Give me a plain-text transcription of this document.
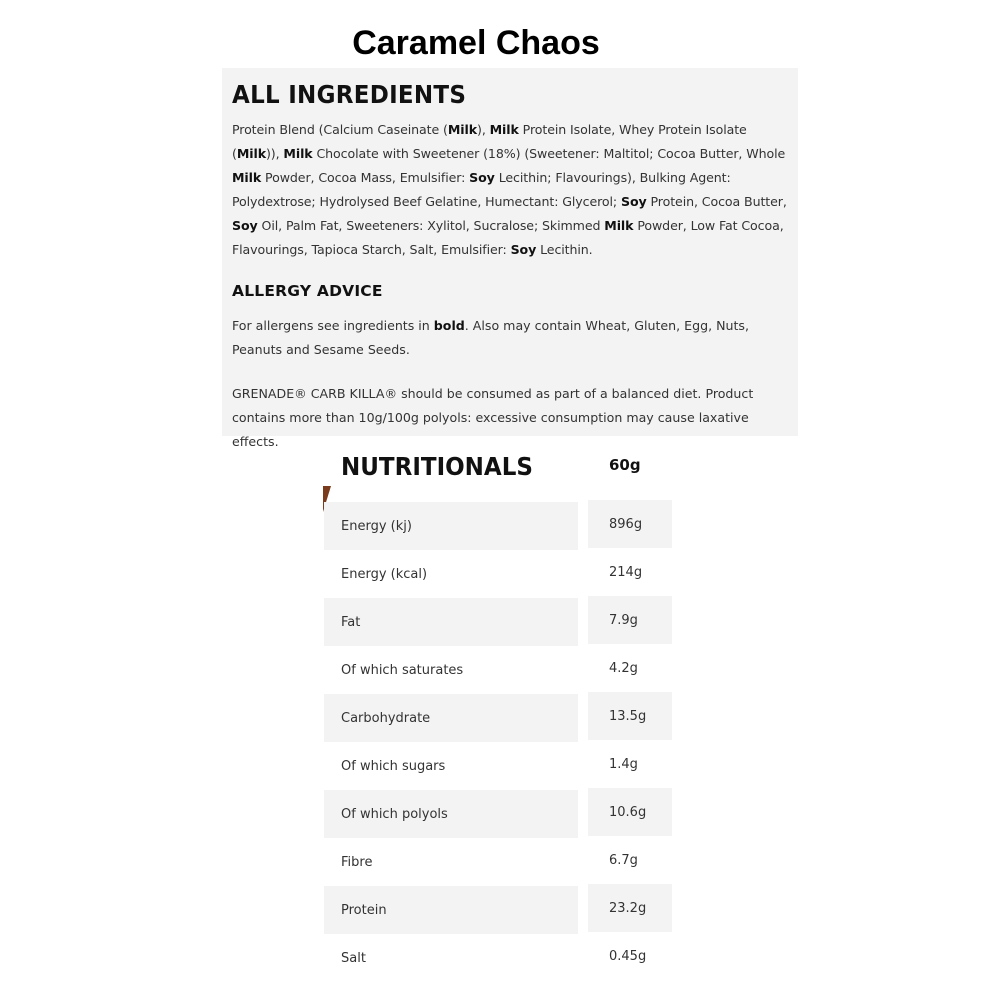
Caramel Chaos
ALL INGREDIENTS
Protein Blend (Calcium Caseinate (Milk), Milk Protein Isolate, Whey Protein Isolate (Milk)), Milk Chocolate with Sweetener (18%) (Sweetener: Maltitol; Cocoa Butter, Whole Milk Powder, Cocoa Mass, Emulsifier: Soy Lecithin; Flavourings), Bulking Agent: Polydextrose; Hydrolysed Beef Gelatine, Humectant: Glycerol; Soy Protein, Cocoa Butter, Soy Oil, Palm Fat, Sweeteners: Xylitol, Sucralose; Skimmed Milk Powder, Low Fat Cocoa, Flavourings, Tapioca Starch, Salt, Emulsifier: Soy Lecithin.
ALLERGY ADVICE
For allergens see ingredients in bold. Also may contain Wheat, Gluten, Egg, Nuts, Peanuts and Sesame Seeds.
GRENADE® CARB KILLA® should be consumed as part of a balanced diet. Product contains more than 10g/100g polyols: excessive consumption may cause laxative effects.
NUTRITIONALS	60g
Energy (kj)	896g
Energy (kcal)	214g
Fat	7.9g
Of which saturates	4.2g
Carbohydrate	13.5g
Of which sugars	1.4g
Of which polyols	10.6g
Fibre	6.7g
Protein	23.2g
Salt	0.45g
